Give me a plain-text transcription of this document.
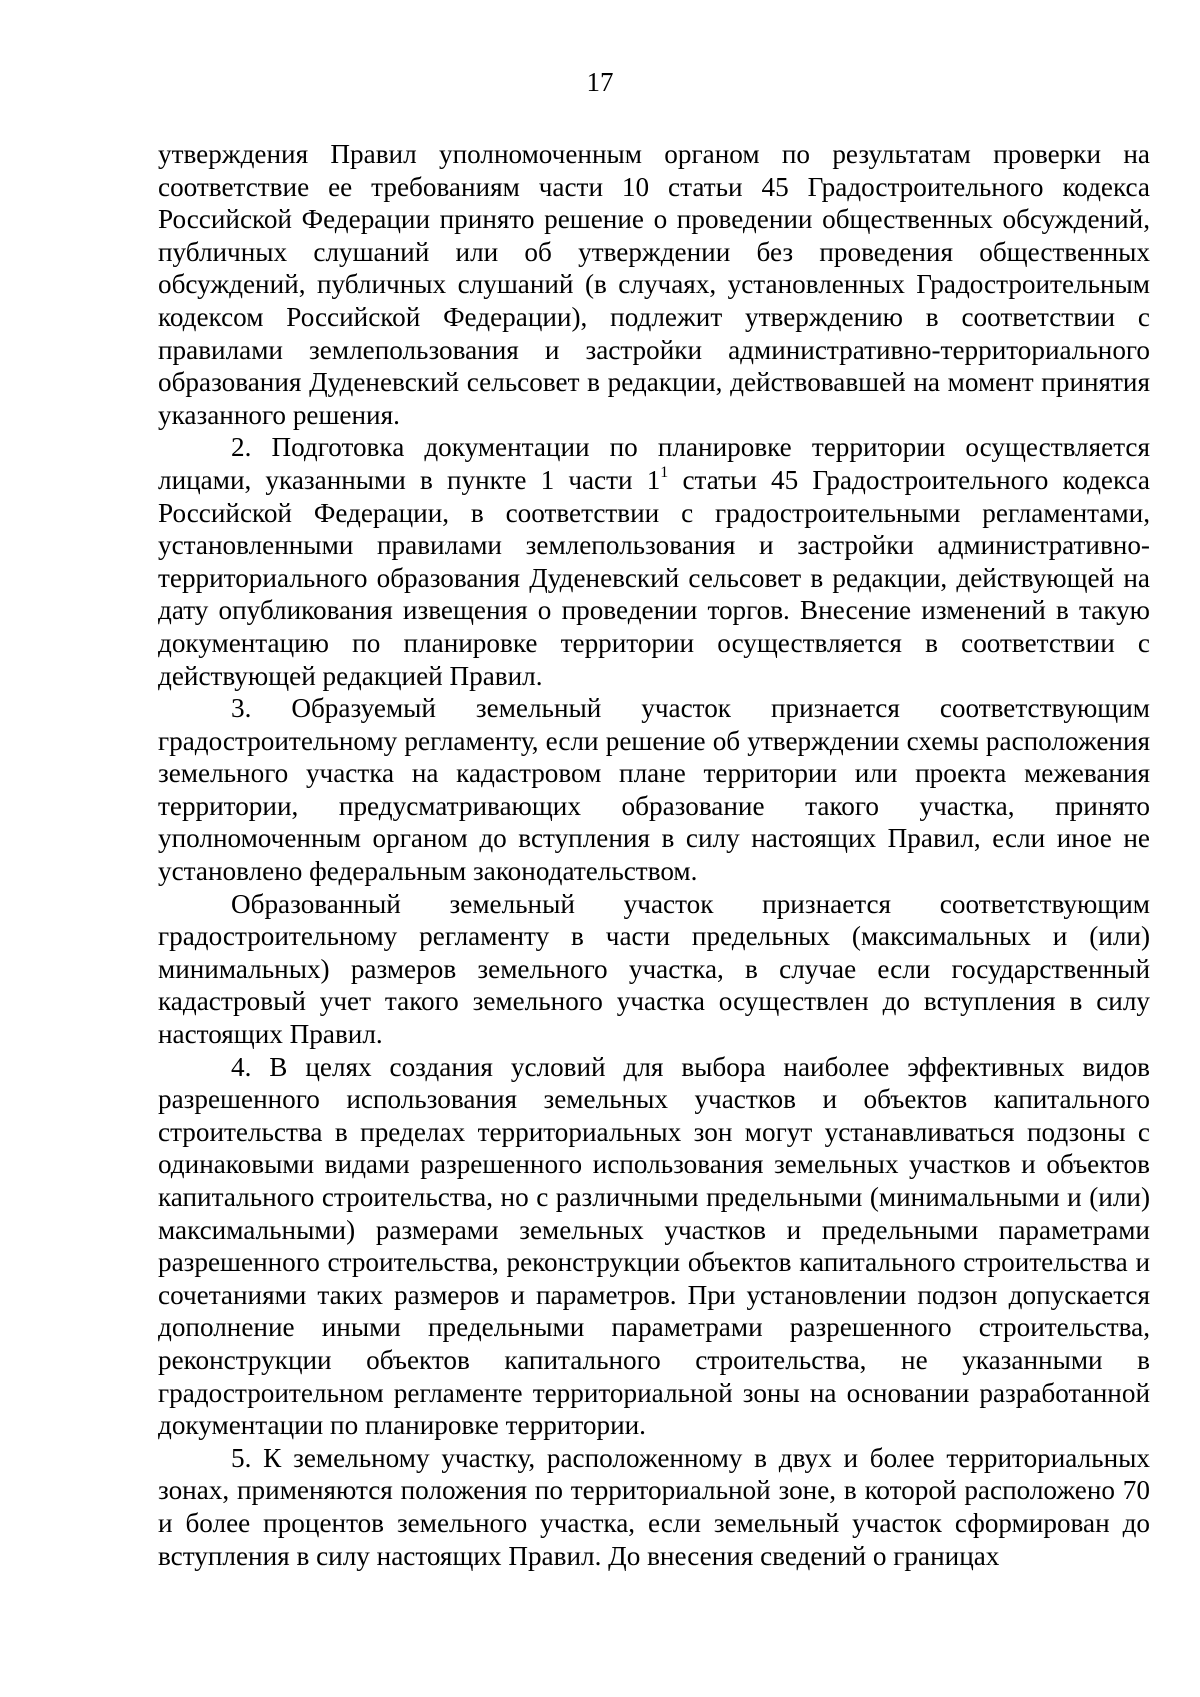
17

утверждения Правил уполномоченным органом по результатам проверки на соответствие ее требованиям части 10 статьи 45 Градостроительного кодекса Российской Федерации принято решение о проведении общественных обсуждений, публичных слушаний или об утверждении без проведения общественных обсуждений, публичных слушаний (в случаях, установленных Градостроительным кодексом Российской Федерации), подлежит утверждению в соответствии с правилами землепользования и застройки административно-территориального образования Дуденевский сельсовет в редакции, действовавшей на момент принятия указанного решения.

2. Подготовка документации по планировке территории осуществляется лицами, указанными в пункте 1 части $1^1$ статьи 45 Градостроительного кодекса Российской Федерации, в соответствии с градостроительными регламентами, установленными правилами землепользования и застройки административно-территориального образования Дуденевский сельсовет в редакции, действующей на дату опубликования извещения о проведении торгов. Внесение изменений в такую документацию по планировке территории осуществляется в соответствии с действующей редакцией Правил.

3. Образуемый земельный участок признается соответствующим градостроительному регламенту, если решение об утверждении схемы расположения земельного участка на кадастровом плане территории или проекта межевания территории, предусматривающих образование такого участка, принято уполномоченным органом до вступления в силу настоящих Правил, если иное не установлено федеральным законодательством.

Образованный земельный участок признается соответствующим градостроительному регламенту в части предельных (максимальных и (или) минимальных) размеров земельного участка, в случае если государственный кадастровый учет такого земельного участка осуществлен до вступления в силу настоящих Правил.

4. В целях создания условий для выбора наиболее эффективных видов разрешенного использования земельных участков и объектов капитального строительства в пределах территориальных зон могут устанавливаться подзоны с одинаковыми видами разрешенного использования земельных участков и объектов капитального строительства, но с различными предельными (минимальными и (или) максимальными) размерами земельных участков и предельными параметрами разрешенного строительства, реконструкции объектов капитального строительства и сочетаниями таких размеров и параметров. При установлении подзон допускается дополнение иными предельными параметрами разрешенного строительства, реконструкции объектов капитального строительства, не указанными в градостроительном регламенте территориальной зоны на основании разработанной документации по планировке территории.

5. К земельному участку, расположенному в двух и более территориальных зонах, применяются положения по территориальной зоне, в которой расположено 70 и более процентов земельного участка, если земельный участок сформирован до вступления в силу настоящих Правил. До внесения сведений о границах
